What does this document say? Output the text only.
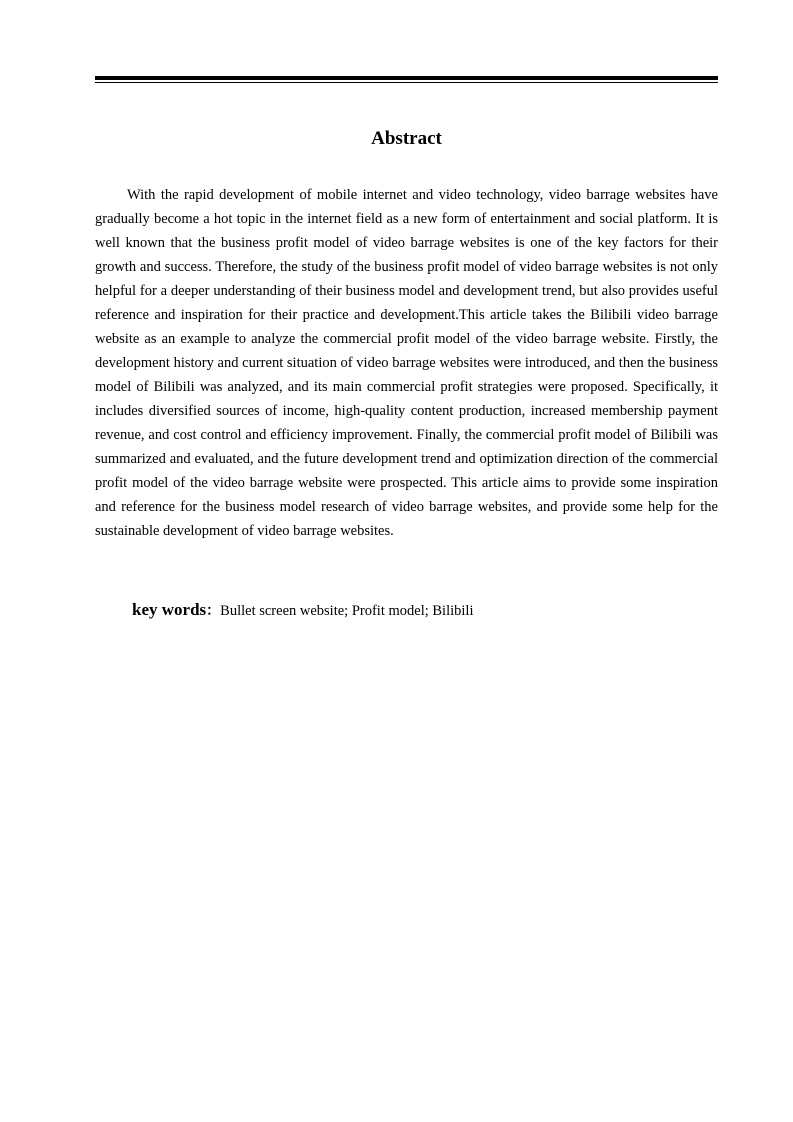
Abstract

With the rapid development of mobile internet and video technology, video barrage websites have gradually become a hot topic in the internet field as a new form of entertainment and social platform. It is well known that the business profit model of video barrage websites is one of the key factors for their growth and success. Therefore, the study of the business profit model of video barrage websites is not only helpful for a deeper understanding of their business model and development trend, but also provides useful reference and inspiration for their practice and development.This article takes the Bilibili video barrage website as an example to analyze the commercial profit model of the video barrage website. Firstly, the development history and current situation of video barrage websites were introduced, and then the business model of Bilibili was analyzed, and its main commercial profit strategies were proposed. Specifically, it includes diversified sources of income, high-quality content production, increased membership payment revenue, and cost control and efficiency improvement. Finally, the commercial profit model of Bilibili was summarized and evaluated, and the future development trend and optimization direction of the commercial profit model of the video barrage website were prospected. This article aims to provide some inspiration and reference for the business model research of video barrage websites, and provide some help for the sustainable development of video barrage websites.

key words：Bullet screen website; Profit model; Bilibili
